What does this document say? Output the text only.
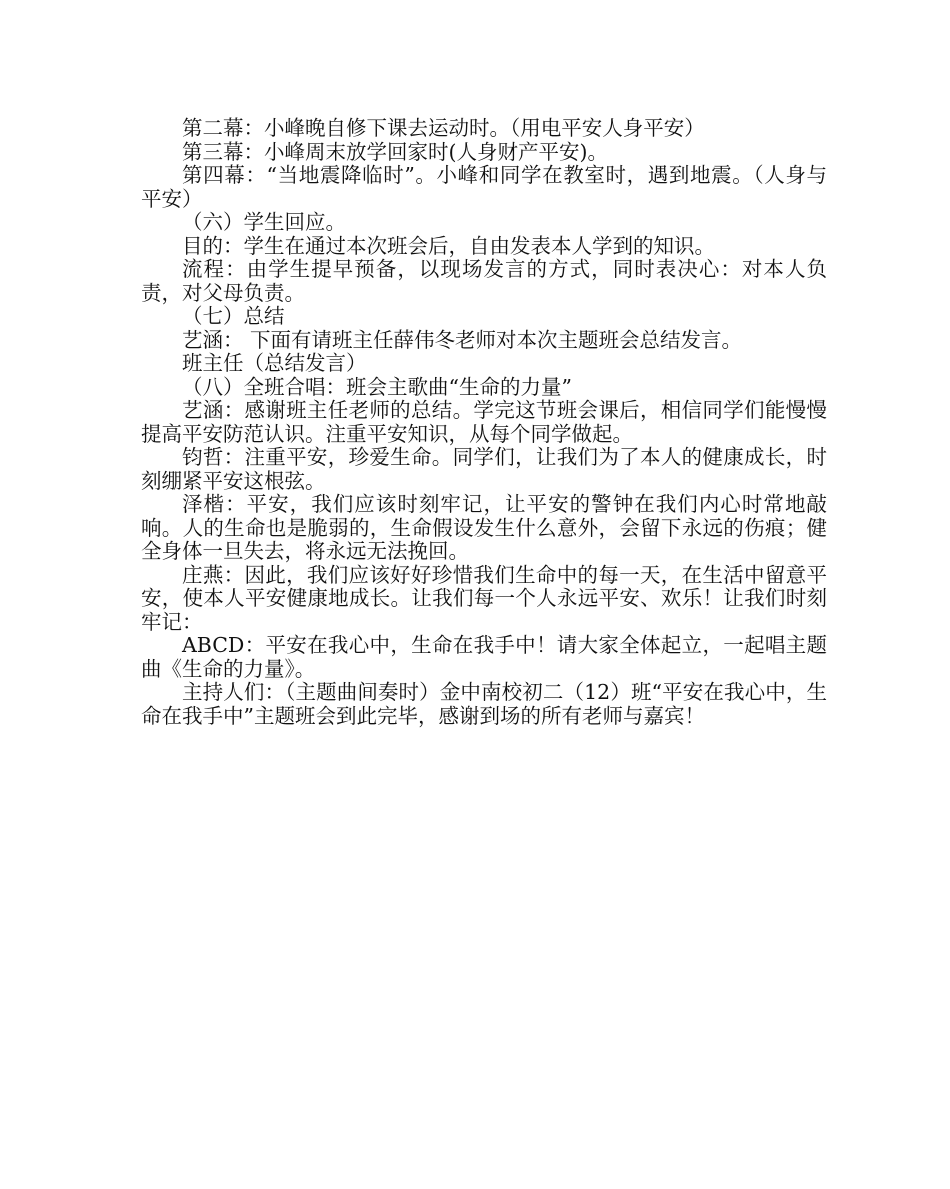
第二幕：小峰晚自修下课去运动时。（用电平安人身平安）

第三幕：小峰周末放学回家时(人身财产平安)。

第四幕：“当地震降临时”。小峰和同学在教室时，遇到地震。（人身与平安）

（六）学生回应。

目的：学生在通过本次班会后，自由发表本人学到的知识。

流程：由学生提早预备，以现场发言的方式，同时表决心：对本人负责，对父母负责。

（七）总结

艺涵： 下面有请班主任薛伟冬老师对本次主题班会总结发言。

班主任（总结发言）

（八）全班合唱：班会主歌曲“生命的力量”

艺涵：感谢班主任老师的总结。学完这节班会课后，相信同学们能慢慢提高平安防范认识。注重平安知识，从每个同学做起。

钧哲：注重平安，珍爱生命。同学们，让我们为了本人的健康成长，时刻绷紧平安这根弦。

泽楷：平安，我们应该时刻牢记，让平安的警钟在我们内心时常地敲响。人的生命也是脆弱的，生命假设发生什么意外，会留下永远的伤痕；健全身体一旦失去，将永远无法挽回。

庄燕：因此，我们应该好好珍惜我们生命中的每一天，在生活中留意平安，使本人平安健康地成长。让我们每一个人永远平安、欢乐！让我们时刻牢记：

ABCD：平安在我心中，生命在我手中！请大家全体起立，一起唱主题曲《生命的力量》。

主持人们：（主题曲间奏时）金中南校初二（12）班“平安在我心中，生命在我手中”主题班会到此完毕，感谢到场的所有老师与嘉宾！
